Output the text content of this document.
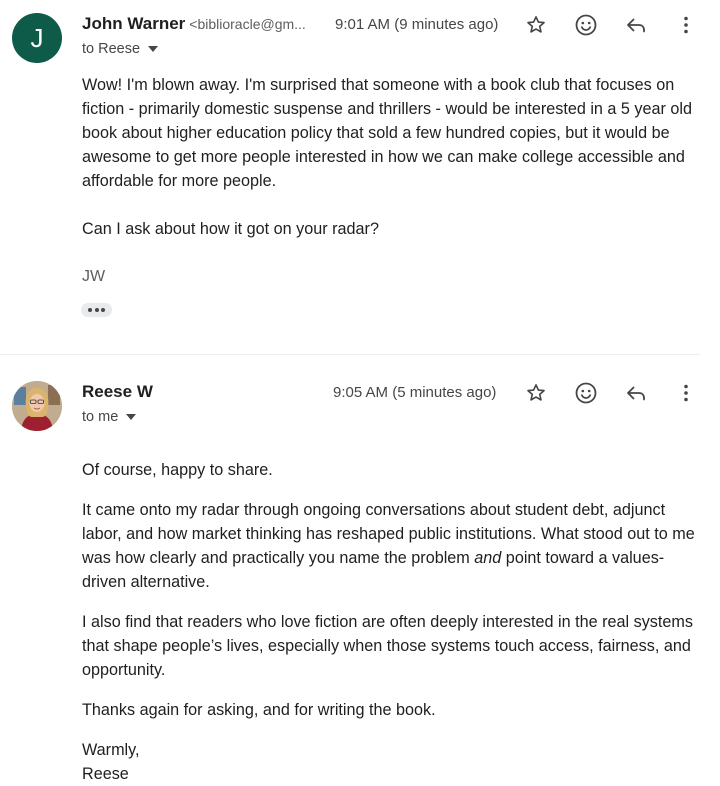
J	John Warner <biblioracle@gm... 9:01 AM (9 minutes ago)
to Reese

Wow! I'm blown away. I'm surprised that someone with a book club that focuses on fiction - primarily domestic suspense and thrillers - would be interested in a 5 year old book about higher education policy that sold a few hundred copies, but it would be awesome to get more people interested in how we can make college accessible and affordable for more people.

Can I ask about how it got on your radar?

JW
Reese W	9:05 AM (5 minutes ago)
to me

Of course, happy to share.

It came onto my radar through ongoing conversations about student debt, adjunct labor, and how market thinking has reshaped public institutions. What stood out to me was how clearly and practically you name the problem and point toward a values-driven alternative.

I also find that readers who love fiction are often deeply interested in the real systems that shape people’s lives, especially when those systems touch access, fairness, and opportunity.

Thanks again for asking, and for writing the book.

Warmly,

Reese
